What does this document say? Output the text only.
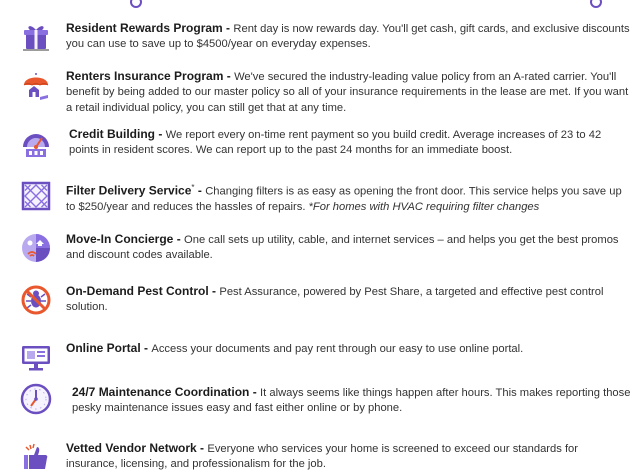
Resident Rewards Program - Rent day is now rewards day. You'll get cash, gift cards, and exclusive discounts you can use to save up to $4500/year on everyday expenses.
Renters Insurance Program - We've secured the industry-leading value policy from an A-rated carrier. You'll benefit by being added to our master policy so all of your insurance requirements in the lease are met. If you want a retail individual policy, you can still get that at any time.
Credit Building - We report every on-time rent payment so you build credit. Average increases of 23 to 42 points in resident scores. We can report up to the past 24 months for an immediate boost.
Filter Delivery Service* - Changing filters is as easy as opening the front door. This service helps you save up to $250/year and reduces the hassles of repairs. *For homes with HVAC requiring filter changes
Move-In Concierge - One call sets up utility, cable, and internet services – and helps you get the best promos and discount codes available.
On-Demand Pest Control - Pest Assurance, powered by Pest Share, a targeted and effective pest control solution.
Online Portal - Access your documents and pay rent through our easy to use online portal.
24/7 Maintenance Coordination - It always seems like things happen after hours. This makes reporting those pesky maintenance issues easy and fast either online or by phone.
Vetted Vendor Network - Everyone who services your home is screened to exceed our standards for insurance, licensing, and professionalism for the job.
